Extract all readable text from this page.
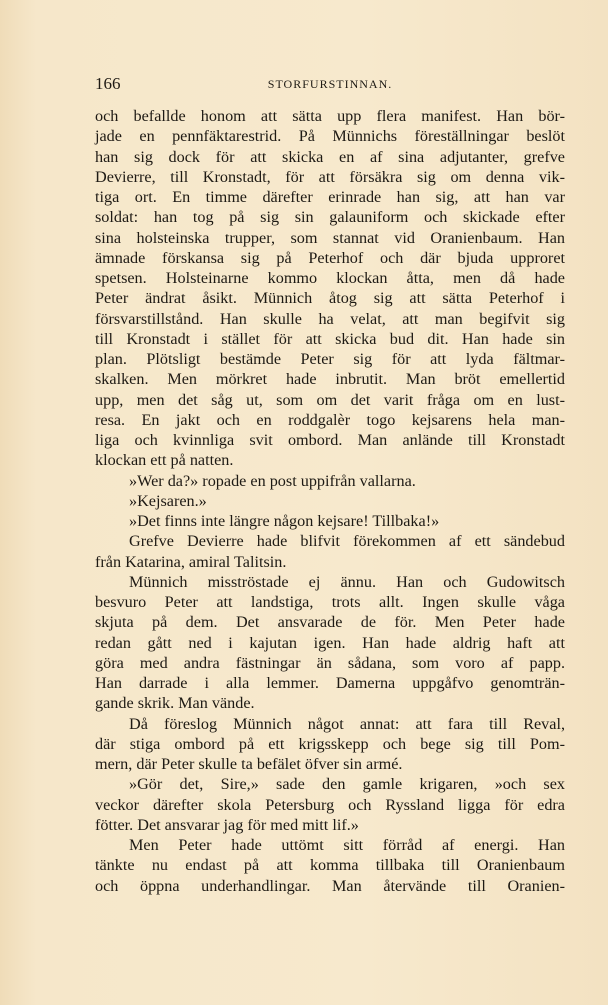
166	STORFURSTINNAN.
och befallde honom att sätta upp flera manifest. Han bör-
jade en pennfäktarestrid. På Münnichs föreställningar beslöt
han sig dock för att skicka en af sina adjutanter, grefve
Devierre, till Kronstadt, för att försäkra sig om denna vik-
tiga ort. En timme därefter erinrade han sig, att han var
soldat: han tog på sig sin galauniform och skickade efter
sina holsteinska trupper, som stannat vid Oranienbaum. Han
ämnade förskansa sig på Peterhof och där bjuda upproret
spetsen. Holsteinarne kommo klockan åtta, men då hade
Peter ändrat åsikt. Münnich åtog sig att sätta Peterhof i
försvarstillstånd. Han skulle ha velat, att man begifvit sig
till Kronstadt i stället för att skicka bud dit. Han hade sin
plan. Plötsligt bestämde Peter sig för att lyda fältmar-
skalken. Men mörkret hade inbrutit. Man bröt emellertid
upp, men det såg ut, som om det varit fråga om en lust-
resa. En jakt och en roddgalèr togo kejsarens hela man-
liga och kvinnliga svit ombord. Man anlände till Kronstadt
klockan ett på natten.
»Wer da?» ropade en post uppifrån vallarna.
»Kejsaren.»
»Det finns inte längre någon kejsare! Tillbaka!»
Grefve Devierre hade blifvit förekommen af ett sändebud
från Katarina, amiral Talitsin.
Münnich misströstade ej ännu. Han och Gudowitsch
besvuro Peter att landstiga, trots allt. Ingen skulle våga
skjuta på dem. Det ansvarade de för. Men Peter hade
redan gått ned i kajutan igen. Han hade aldrig haft att
göra med andra fästningar än sådana, som voro af papp.
Han darrade i alla lemmer. Damerna uppgåfvo genomträn-
gande skrik. Man vände.
Då föreslog Münnich något annat: att fara till Reval,
där stiga ombord på ett krigsskepp och bege sig till Pom-
mern, där Peter skulle ta befälet öfver sin armé.
»Gör det, Sire,» sade den gamle krigaren, »och sex
veckor därefter skola Petersburg och Ryssland ligga för edra
fötter. Det ansvarar jag för med mitt lif.»
Men Peter hade uttömt sitt förråd af energi. Han
tänkte nu endast på att komma tillbaka till Oranienbaum
och öppna underhandlingar. Man återvände till Oranien-
